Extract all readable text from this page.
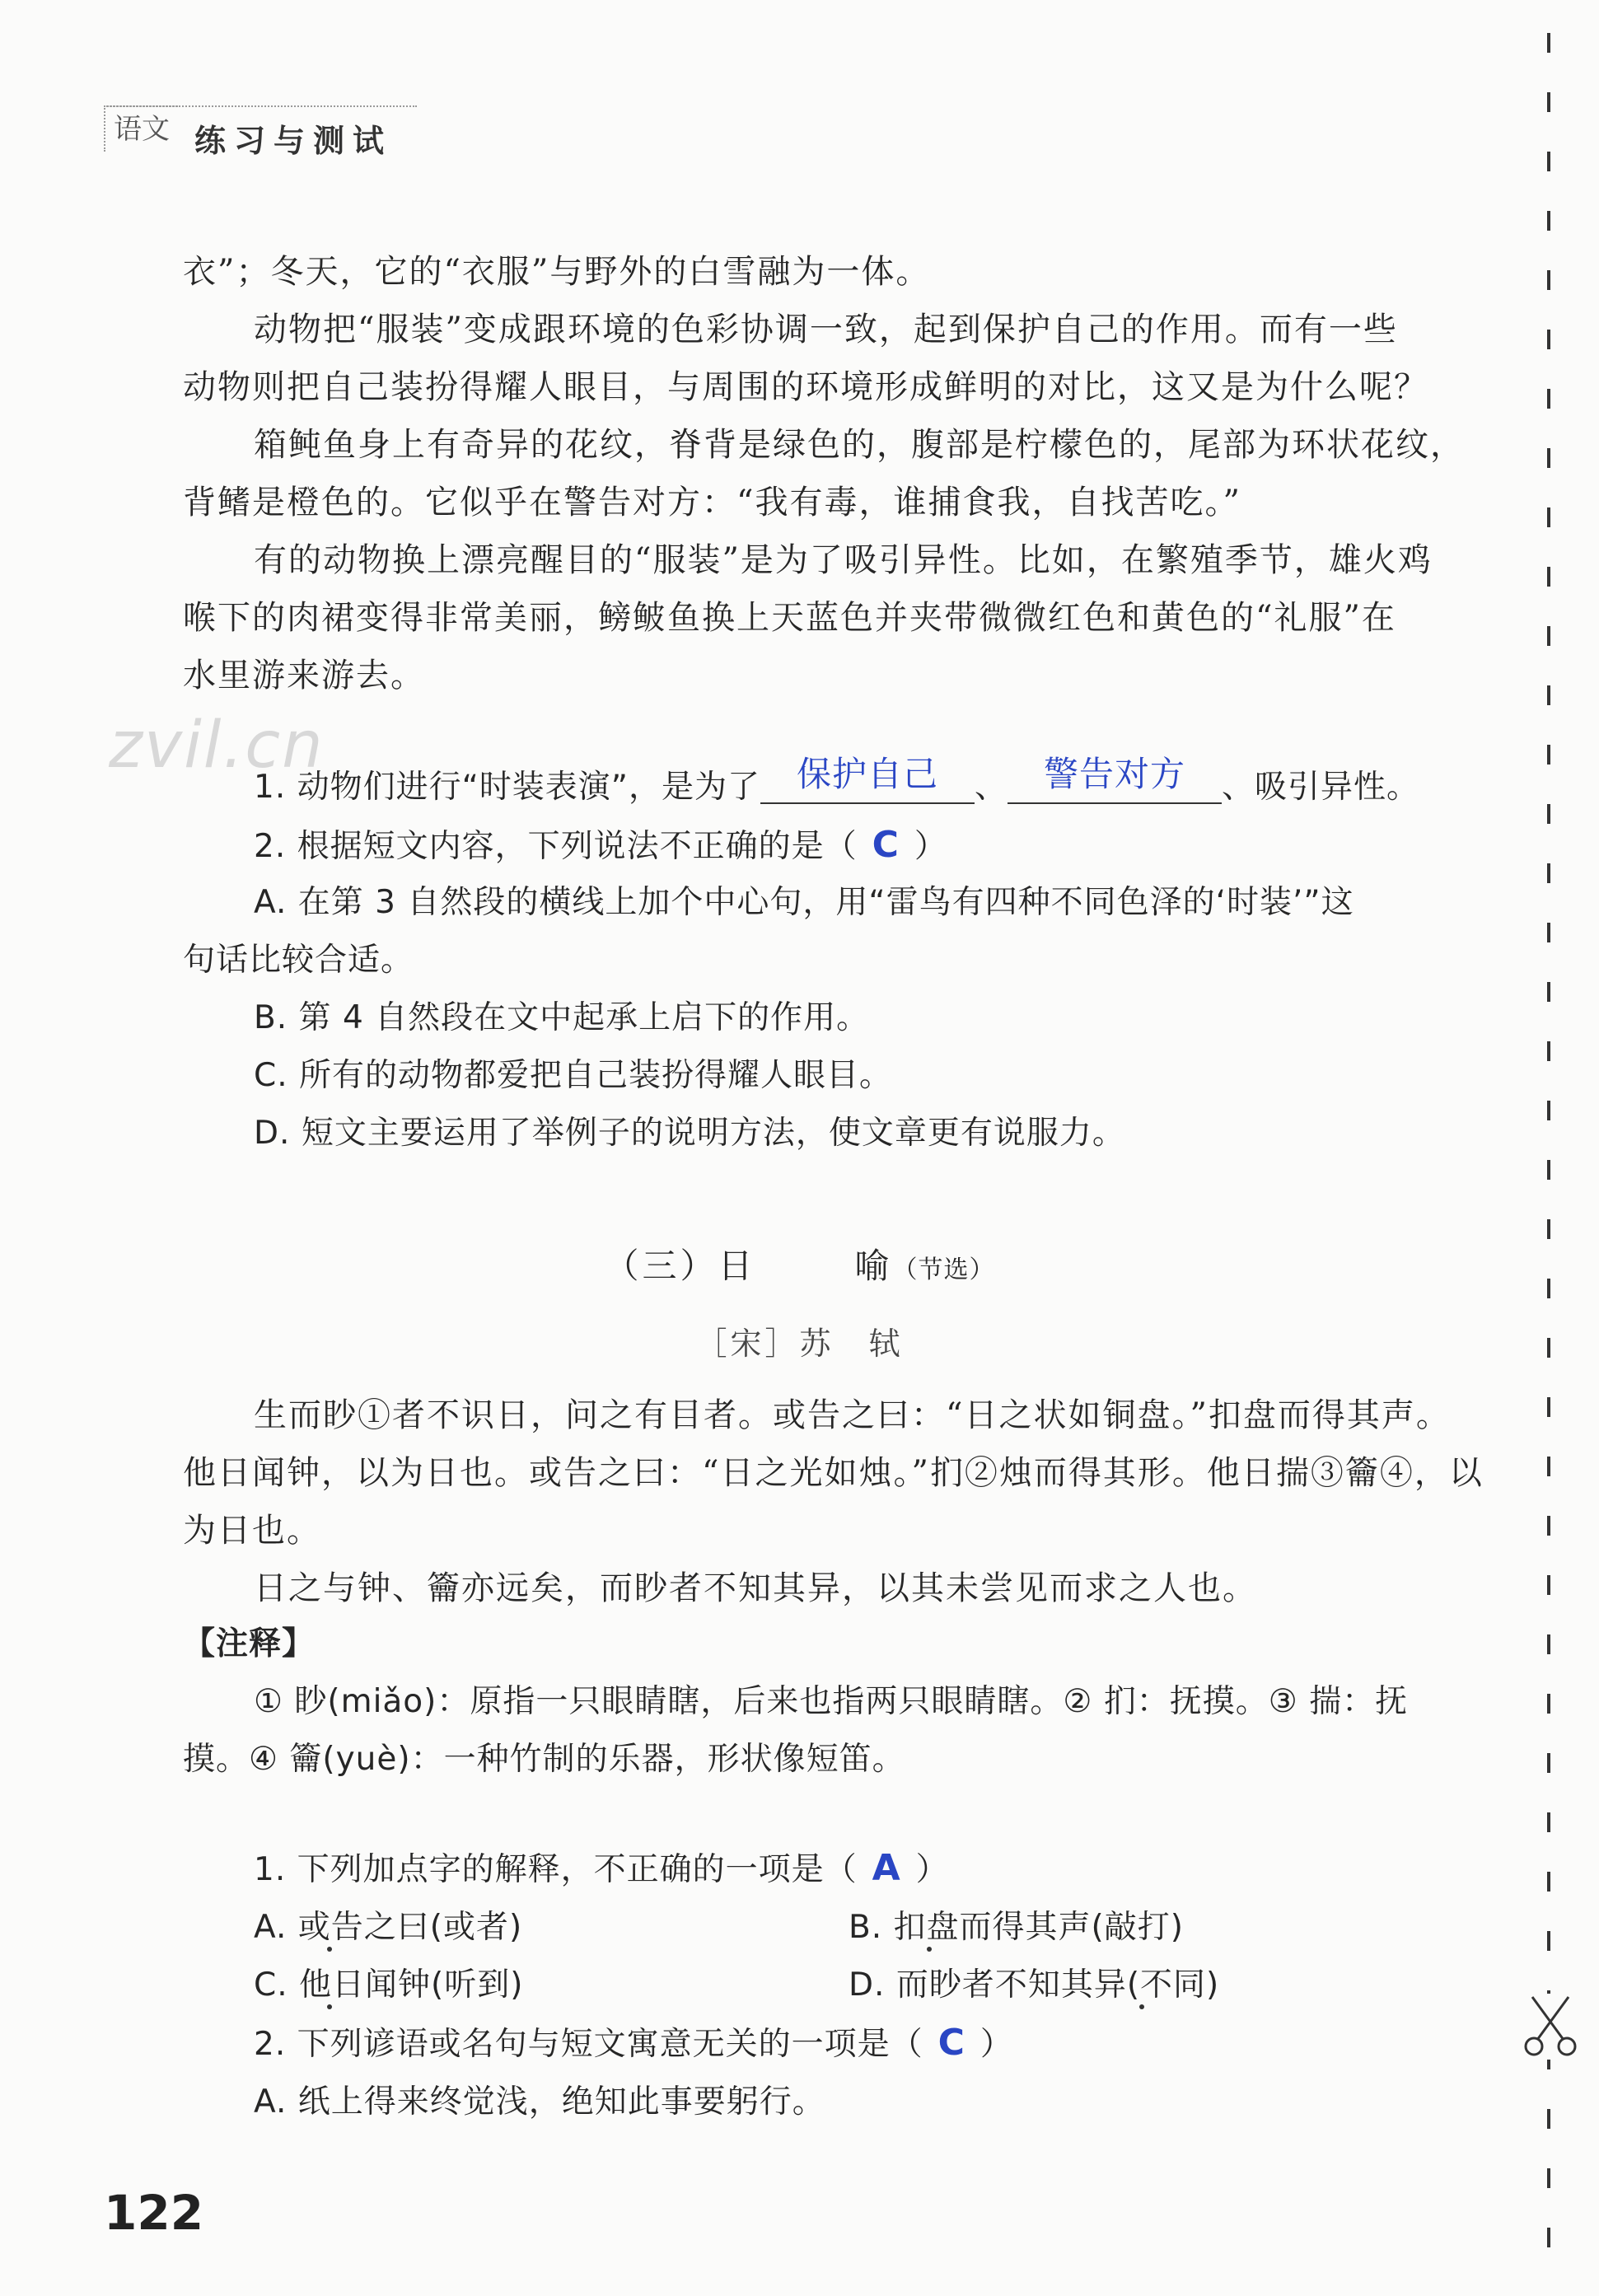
语文 练习与测试
衣”；冬天，它的“衣服”与野外的白雪融为一体。
动物把“服装”变成跟环境的色彩协调一致，起到保护自己的作用。而有一些
动物则把自己装扮得耀人眼目，与周围的环境形成鲜明的对比，这又是为什么呢？
箱鲀鱼身上有奇异的花纹，脊背是绿色的，腹部是柠檬色的，尾部为环状花纹，
背鳍是橙色的。它似乎在警告对方：“我有毒，谁捕食我，自找苦吃。”
有的动物换上漂亮醒目的“服装”是为了吸引异性。比如，在繁殖季节，雄火鸡
喉下的肉裙变得非常美丽，鳑鲏鱼换上天蓝色并夹带微微红色和黄色的“礼服”在
水里游来游去。
zvil.cn
1. 动物们进行“时装表演”，是为了 保护自己 、 警告对方 、吸引异性。
2. 根据短文内容，下列说法不正确的是（ C ）
A. 在第 3 自然段的横线上加个中心句，用“雷鸟有四种不同色泽的‘时装’”这
句话比较合适。
B. 第 4 自然段在文中起承上启下的作用。
C. 所有的动物都爱把自己装扮得耀人眼目。
D. 短文主要运用了举例子的说明方法，使文章更有说服力。
（三）日	喻（节选）
［宋］苏　轼
生而眇①者不识日，问之有目者。或告之曰：“日之状如铜盘。”扣盘而得其声。
他日闻钟，以为日也。或告之曰：“日之光如烛。”扪②烛而得其形。他日揣③籥④，以
为日也。
日之与钟、籥亦远矣，而眇者不知其异，以其未尝见而求之人也。
【注释】
① 眇(miǎo)：原指一只眼睛瞎，后来也指两只眼睛瞎。② 扪：抚摸。③ 揣：抚
摸。④ 籥(yuè)：一种竹制的乐器，形状像短笛。
1. 下列加点字的解释，不正确的一项是（ A ）
A. 或告之曰(或者)	B. 扣盘而得其声(敲打)
C. 他日闻钟(听到)	D. 而眇者不知其异(不同)
2. 下列谚语或名句与短文寓意无关的一项是（ C ）
A. 纸上得来终觉浅，绝知此事要躬行。
122
